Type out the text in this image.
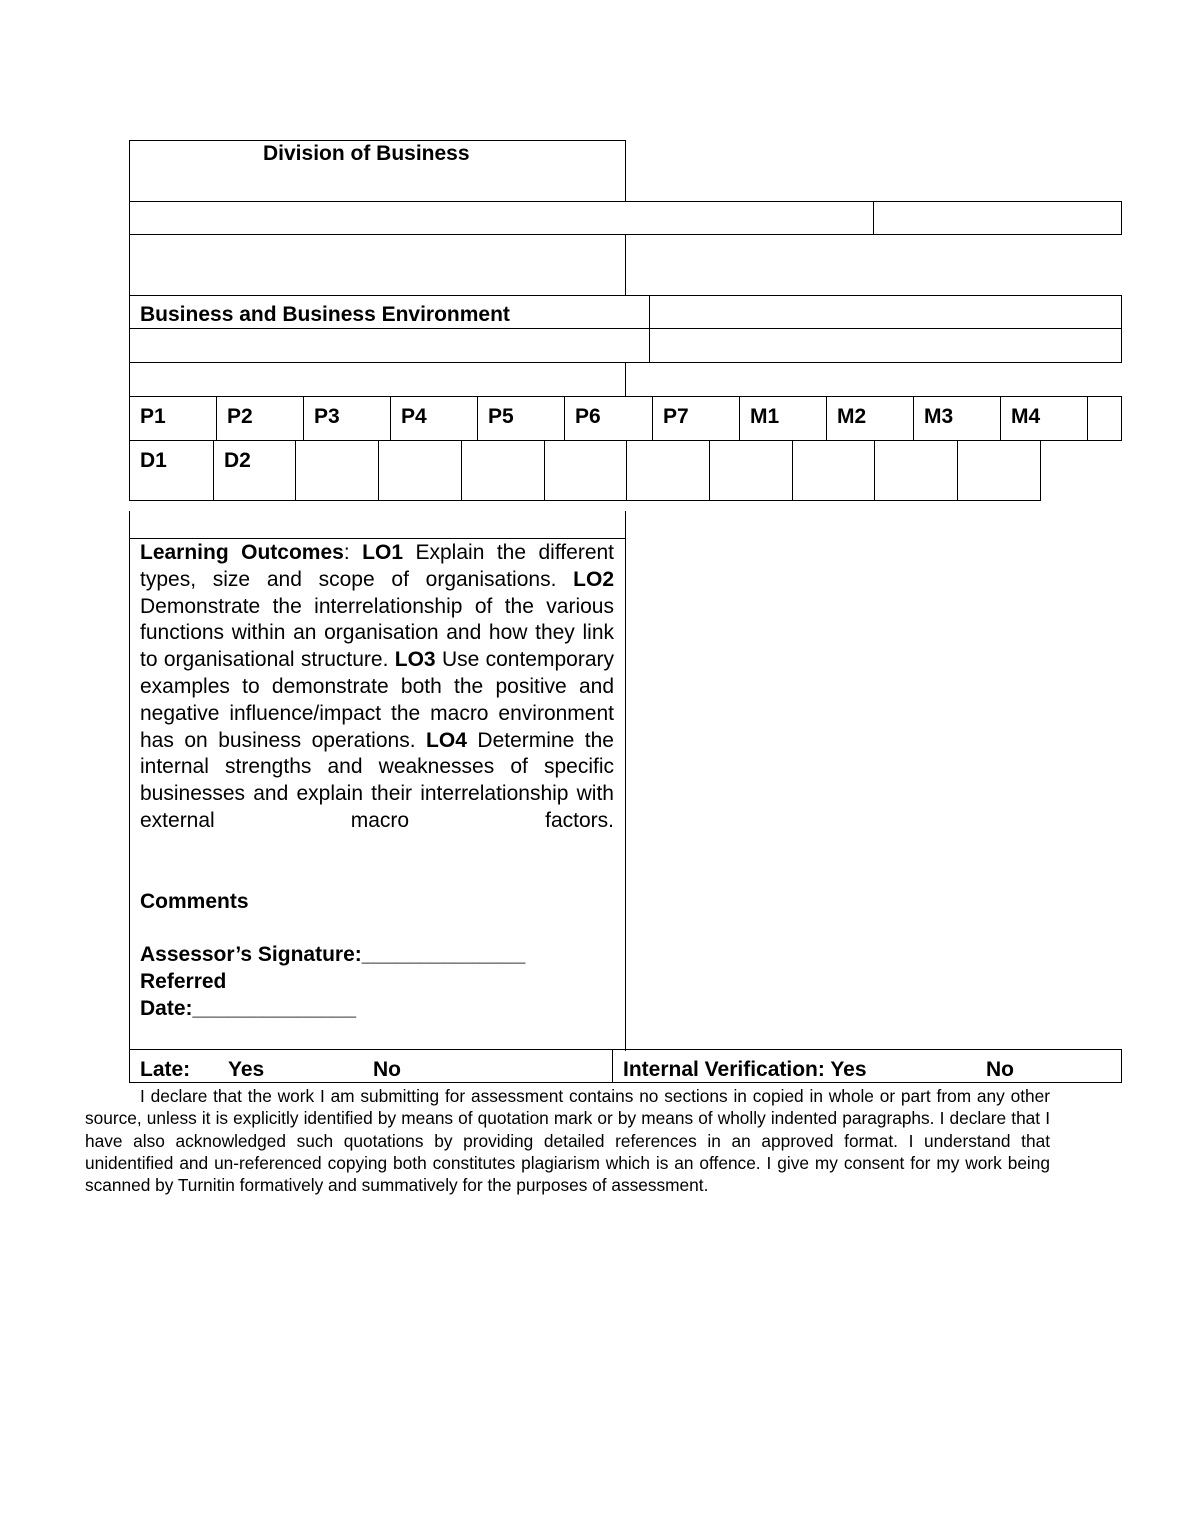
Division of Business
Business and Business Environment
P1	P2	P3	P4	P5	P6	P7	M1	M2	M3	M4
D1	D2

Learning Outcomes: LO1 Explain the different types, size and scope of organisations. LO2 Demonstrate the interrelationship of the various functions within an organisation and how they link to organisational structure. LO3 Use contemporary examples to demonstrate both the positive and negative influence/impact the macro environment has on business operations. LO4 Determine the internal strengths and weaknesses of specific businesses and explain their interrelationship with external macro factors.

Comments
Assessor’s Signature:______________
Referred
Date:______________
Late: Yes	No	Internal Verification: Yes	No
I declare that the work I am submitting for assessment contains no sections in copied in whole or part from any other source, unless it is explicitly identified by means of quotation mark or by means of wholly indented paragraphs. I declare that I have also acknowledged such quotations by providing detailed references in an approved format. I understand that unidentified and un-referenced copying both constitutes plagiarism which is an offence. I give my consent for my work being scanned by Turnitin formatively and summatively for the purposes of assessment.
